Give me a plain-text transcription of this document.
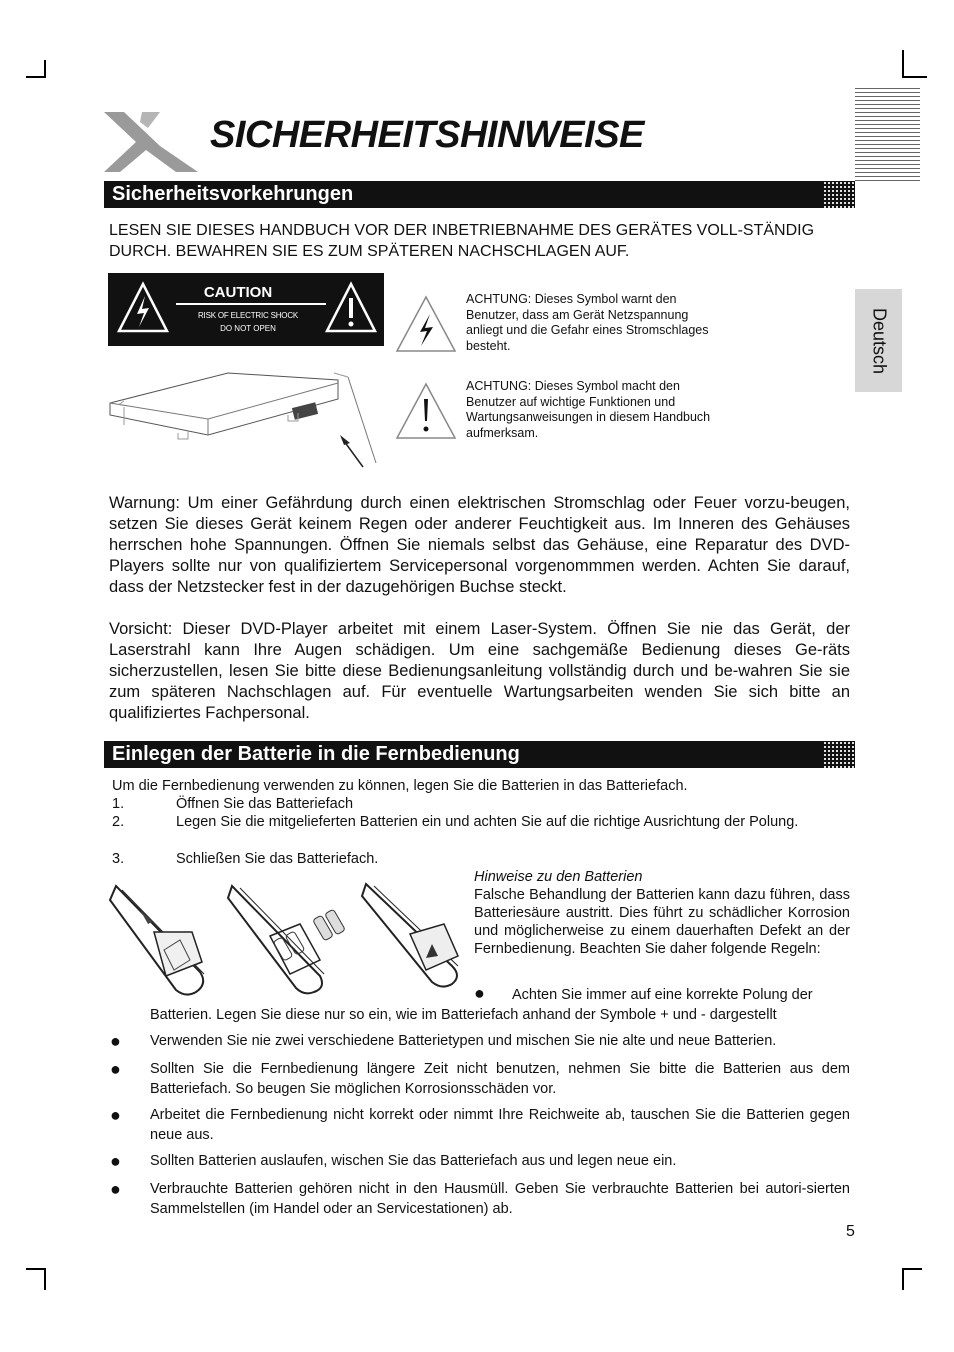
SICHERHEITSHINWEISE
Deutsch
Sicherheitsvorkehrungen
LESEN SIE DIESES HANDBUCH VOR DER INBETRIEBNAHME DES GERÄTES VOLL-STÄNDIG DURCH. BEWAHREN SIE ES ZUM SPÄTEREN NACHSCHLAGEN AUF.
CAUTION
RISK OF ELECTRIC SHOCK
DO NOT OPEN
ACHTUNG: Dieses Symbol warnt den Benutzer, dass am Gerät Netzspannung anliegt und die Gefahr eines Stromschlages besteht.
ACHTUNG: Dieses Symbol macht den Benutzer auf wichtige Funktionen und Wartungsanweisungen in diesem Handbuch aufmerksam.
Warnung: Um einer Gefährdung durch einen elektrischen Stromschlag oder Feuer vorzu-beugen, setzen Sie dieses Gerät keinem Regen oder anderer Feuchtigkeit aus. Im Inneren des Gehäuses herrschen hohe Spannungen. Öffnen Sie niemals selbst das Gehäuse, eine Reparatur des DVD-Players sollte nur von qualifiziertem Servicepersonal vorgenommmen werden. Achten Sie darauf, dass der Netzstecker fest in der dazugehörigen Buchse steckt.
Vorsicht: Dieser DVD-Player arbeitet mit einem Laser-System. Öffnen Sie nie das Gerät, der Laserstrahl kann Ihre Augen schädigen. Um eine sachgemäße Bedienung dieses Ge-räts sicherzustellen, lesen Sie bitte diese Bedienungsanleitung vollständig durch und be-wahren Sie sie zum späteren Nachschlagen auf. Für eventuelle Wartungsarbeiten wenden Sie sich bitte an qualifiziertes Fachpersonal.
Einlegen der Batterie in die Fernbedienung
Um die Fernbedienung verwenden zu können, legen Sie die Batterien in das Batteriefach.
1.	Öffnen Sie das Batteriefach
2.	Legen Sie die mitgelieferten Batterien ein und achten Sie auf die richtige Ausrichtung der Polung.
3.	Schließen Sie das Batteriefach.
Hinweise zu den Batterien
Falsche Behandlung der Batterien kann dazu führen, dass Batteriesäure austritt. Dies führt zu schädlicher Korrosion und möglicherweise zu einem dauerhaften Defekt an der Fernbedienung. Beachten Sie daher folgende Regeln:
● Achten Sie immer auf eine korrekte Polung der
Batterien. Legen Sie diese nur so ein, wie im Batteriefach anhand der Symbole + und - dargestellt
● Verwenden Sie nie zwei verschiedene Batterietypen und mischen Sie nie alte und neue Batterien.
● Sollten Sie die Fernbedienung längere Zeit nicht benutzen, nehmen Sie bitte die Batterien aus dem Batteriefach. So beugen Sie möglichen Korrosionsschäden vor.
● Arbeitet die Fernbedienung nicht korrekt oder nimmt Ihre Reichweite ab, tauschen Sie die Batterien gegen neue aus.
● Sollten Batterien auslaufen, wischen Sie das Batteriefach aus und legen neue ein.
● Verbrauchte Batterien gehören nicht in den Hausmüll. Geben Sie verbrauchte Batterien bei autori-sierten Sammelstellen (im Handel oder an Servicestationen) ab.
5
